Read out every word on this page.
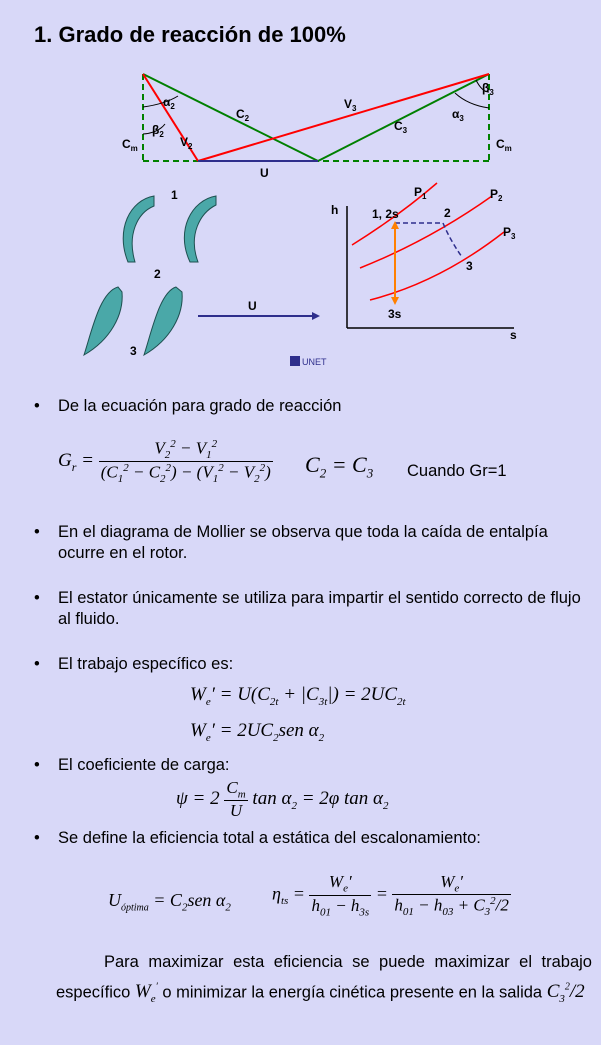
1. Grado de reacción de 100%
$\alpha_2$
$\beta_2$
$C_2$
$V_2$
$V_3$
$C_3$
$\alpha_3$
$\beta_3$
$C_m$	$C_m$
U
1
2
3
U
h
s
$P_1$	$P_2$
$P_3$
1, 2s	2
3
3s
UNET
• De la ecuación para grado de reacción
$G_r = \frac{V_2^2 - V_1^2}{(C_1^2 - C_2^2) - (V_1^2 - V_2^2)} C_2 = C_3$ Cuando Gr=1
• En el diagrama de Mollier se observa que toda la caída de entalpía ocurre en el rotor.
• El estator únicamente se utiliza para impartir el sentido correcto de flujo al fluido.
• El trabajo específico es:
$W_e' = U(C_{2t} + |C_{3t}|) = 2UC_{2t}$
$W_e' = 2UC_2sen$ $\alpha_2$
• El coeficiente de carga:
$\psi = 2 \frac{C_m}{U}$ $\tan \alpha_2 = 2\varphi$ $\tan \alpha_2$
• Se define la eficiencia total a estática del escalonamiento:
$U_{óptima} = C_2sen$ $\alpha_2$
$\eta_{ts} = \frac{W_e'}{h_{01} - h_{3s}} = \frac{W_e'}{h_{01} - h_{03} + C_3^2/2}$
Para maximizar esta eficiencia se puede maximizar el trabajo específico $W_e'$ o minimizar la energía cinética presente en la salida $C_3^2/2$
